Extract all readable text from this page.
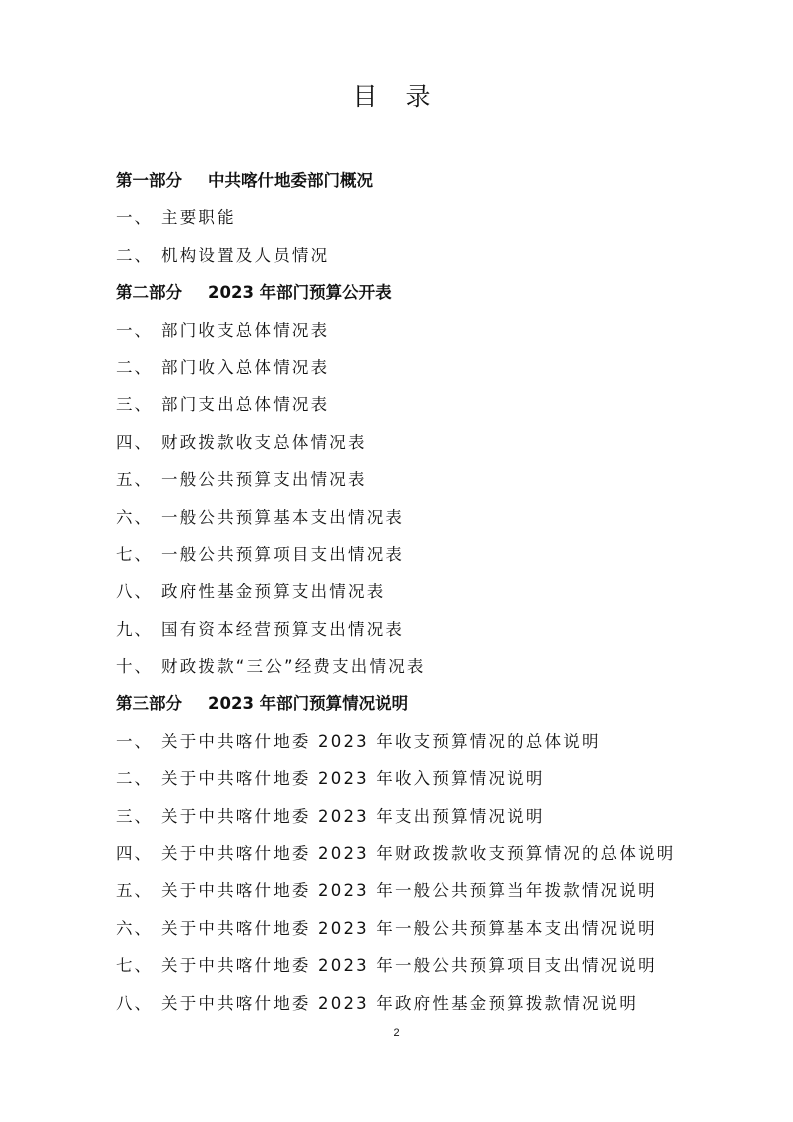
目 录
第一部分 中共喀什地委部门概况
一、 主要职能
二、 机构设置及人员情况
第二部分 2023 年部门预算公开表
一、 部门收支总体情况表
二、 部门收入总体情况表
三、 部门支出总体情况表
四、 财政拨款收支总体情况表
五、 一般公共预算支出情况表
六、 一般公共预算基本支出情况表
七、 一般公共预算项目支出情况表
八、 政府性基金预算支出情况表
九、 国有资本经营预算支出情况表
十、 财政拨款“三公”经费支出情况表
第三部分 2023 年部门预算情况说明
一、 关于中共喀什地委 2023 年收支预算情况的总体说明
二、 关于中共喀什地委 2023 年收入预算情况说明
三、 关于中共喀什地委 2023 年支出预算情况说明
四、 关于中共喀什地委 2023 年财政拨款收支预算情况的总体说明
五、 关于中共喀什地委 2023 年一般公共预算当年拨款情况说明
六、 关于中共喀什地委 2023 年一般公共预算基本支出情况说明
七、 关于中共喀什地委 2023 年一般公共预算项目支出情况说明
八、 关于中共喀什地委 2023 年政府性基金预算拨款情况说明
2
